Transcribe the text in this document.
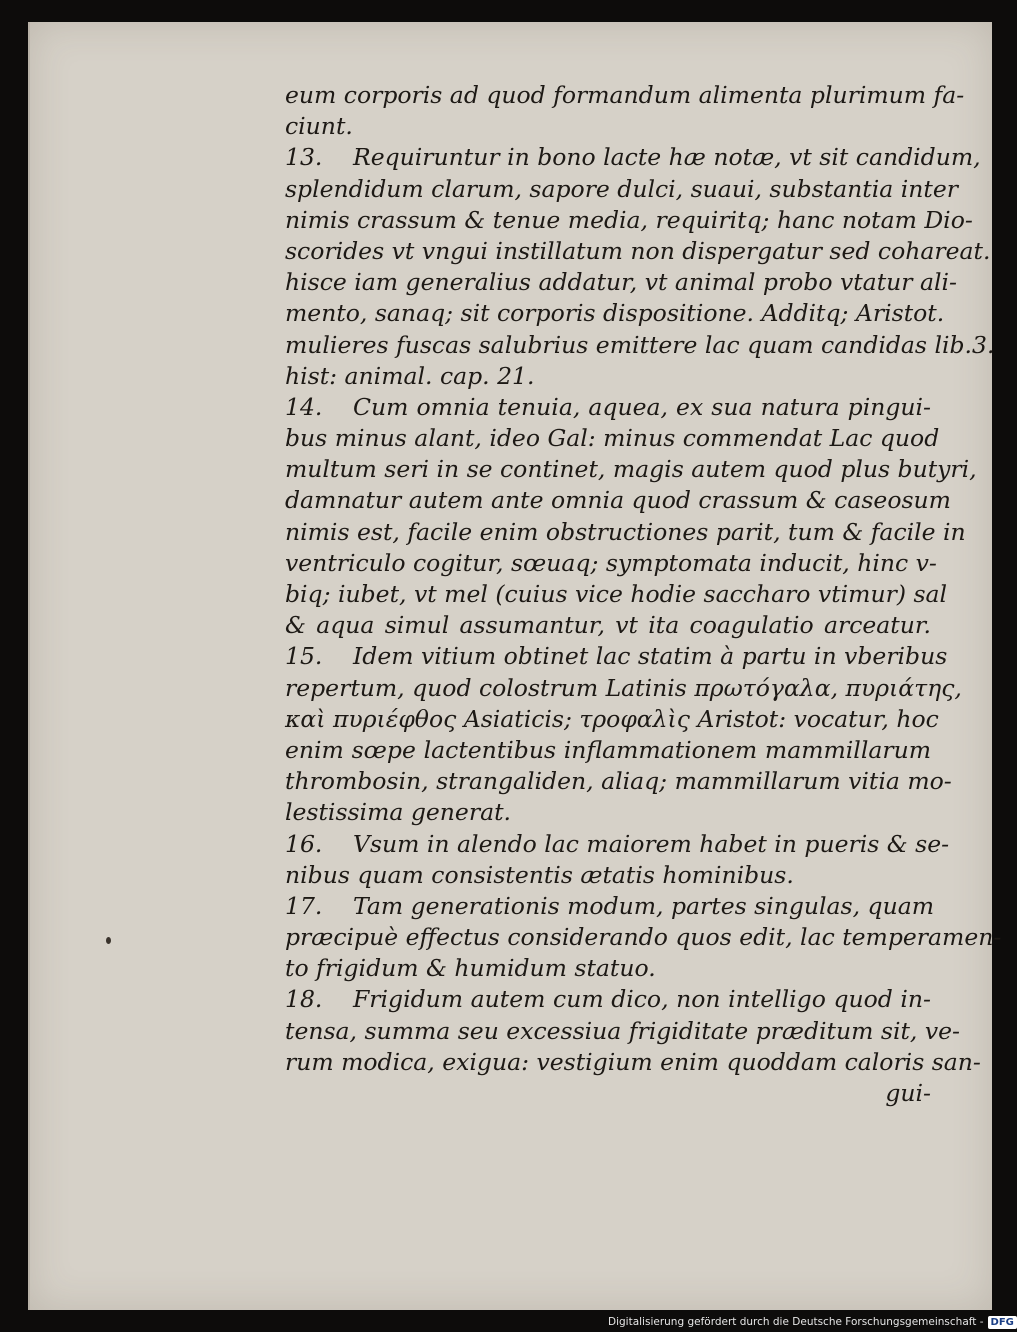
eum corporis ad quod formandum alimenta plurimum fa-
ciunt.
13. Requiruntur in bono lacte hæ notæ, vt sit candidum,
splendidum clarum, sapore dulci, suaui, substantia inter
nimis crassum & tenue media, requiritq; hanc notam Dio-
scorides vt vngui instillatum non dispergatur sed cohareat.
hisce iam generalius addatur, vt animal probo vtatur ali-
mento, sanaq; sit corporis dispositione. Additq; Aristot.
mulieres fuscas salubrius emittere lac quam candidas lib.3.
hist: animal. cap. 21.
14. Cum omnia tenuia, aquea, ex sua natura pingui-
bus minus alant, ideo Gal: minus commendat Lac quod
multum seri in se continet, magis autem quod plus butyri,
damnatur autem ante omnia quod crassum & caseosum
nimis est, facile enim obstructiones parit, tum & facile in
ventriculo cogitur, sœuaq; symptomata inducit, hinc v-
biq; iubet, vt mel (cuius vice hodie saccharo vtimur) sal
& aqua simul assumantur, vt ita coagulatio arceatur.
15. Idem vitium obtinet lac statim à partu in vberibus
repertum, quod colostrum Latinis πρωτόγαλα, πυριάτης,
καὶ πυριέφθος Asiaticis; τροφαλὶς Aristot: vocatur, hoc
enim sœpe lactentibus inflammationem mammillarum
thrombosin, strangaliden, aliaq; mammillarum vitia mo-
lestissima generat.
16. Vsum in alendo lac maiorem habet in pueris & se-
nibus quam consistentis ætatis hominibus.
17. Tam generationis modum, partes singulas, quam
præcipuè effectus considerando quos edit, lac temperamen-
to frigidum & humidum statuo.
18. Frigidum autem cum dico, non intelligo quod in-
tensa, summa seu excessiua frigiditate præditum sit, ve-
rum modica, exigua: vestigium enim quoddam caloris san-
gui-
Digitalisierung gefördert durch die Deutsche Forschungsgemeinschaft - DFG
